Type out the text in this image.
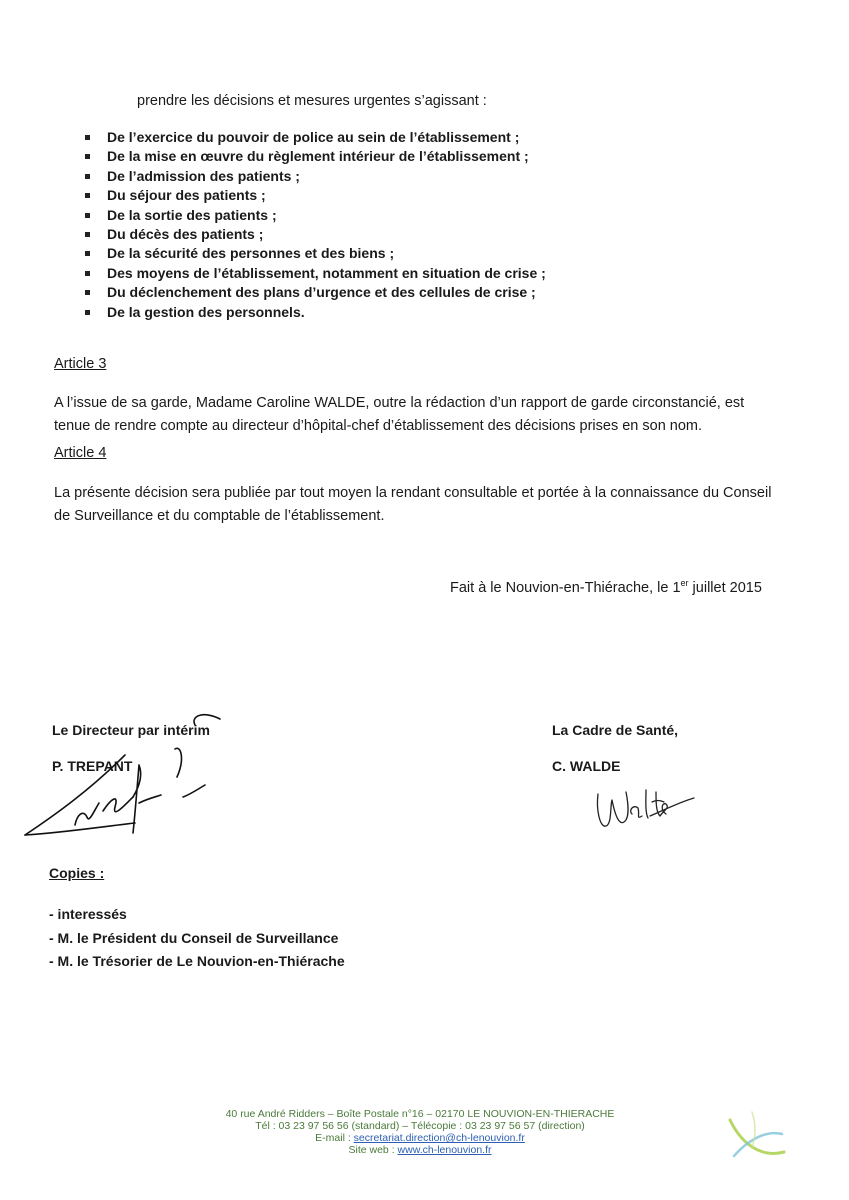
prendre les décisions et mesures urgentes s’agissant :
De l’exercice du pouvoir de police au sein de l’établissement ;
De la mise en œuvre du règlement intérieur de l’établissement ;
De l’admission des patients ;
Du séjour des patients ;
De la sortie des patients ;
Du décès des patients ;
De la sécurité des personnes et des biens ;
Des moyens de l’établissement, notamment en situation de crise ;
Du déclenchement des plans d’urgence et des cellules de crise ;
De la gestion des personnels.
Article 3
A l’issue de sa garde, Madame Caroline WALDE, outre la rédaction d’un rapport de garde circonstancié, est tenue de rendre compte au directeur d’hôpital-chef d’établissement des décisions prises en son nom.
Article 4
La présente décision sera publiée par tout moyen la rendant consultable et portée à la connaissance du Conseil de Surveillance et du comptable de l’établissement.
Fait à le Nouvion-en-Thiérache, le 1er juillet 2015
Le Directeur par intérim
P. TREPANT
La Cadre de Santé,
C. WALDE
Copies :
- interessés
- M. le Président du Conseil de Surveillance
- M. le Trésorier de Le Nouvion-en-Thiérache
40 rue André Ridders – Boîte Postale n°16 – 02170 LE NOUVION-EN-THIERACHE
Tél : 03 23 97 56 56 (standard) – Télécopie : 03 23 97 56 57 (direction)
E-mail : secretariat.direction@ch-lenouvion.fr
Site web : www.ch-lenouvion.fr
